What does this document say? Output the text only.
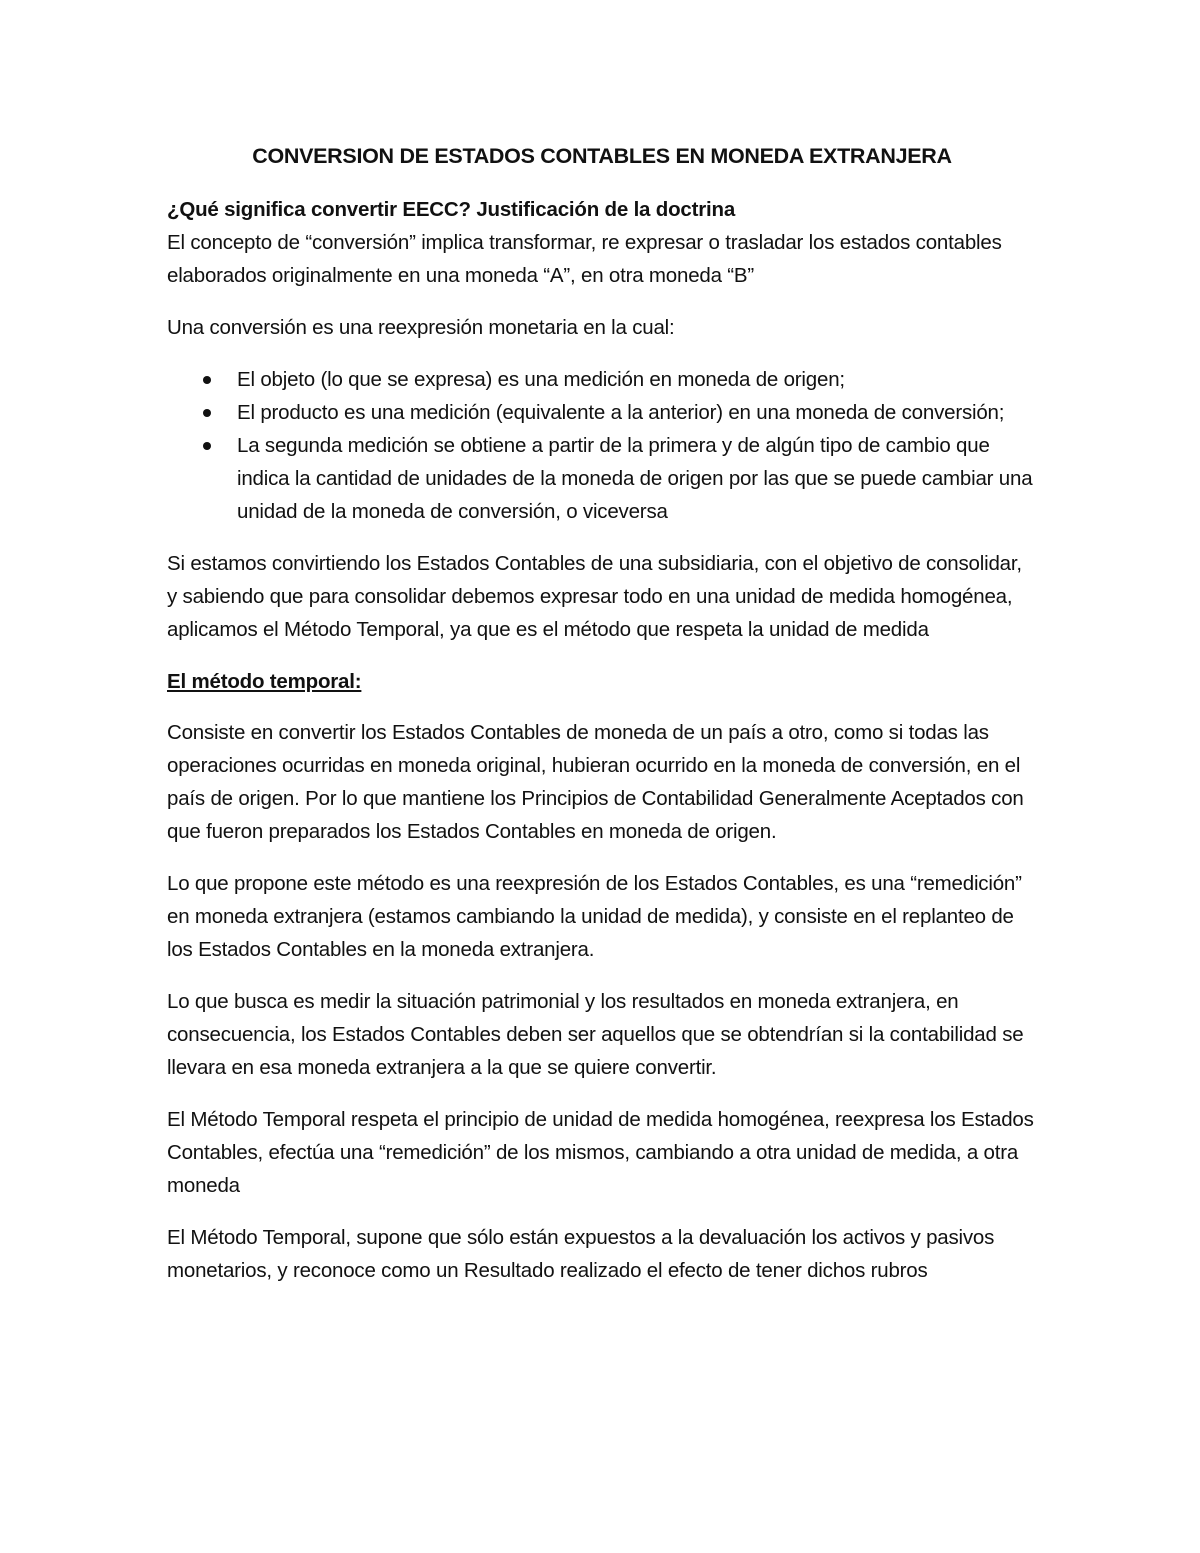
CONVERSION DE ESTADOS CONTABLES EN MONEDA EXTRANJERA

¿Qué significa convertir EECC? Justificación de la doctrina

El concepto de “conversión” implica transformar, re expresar o trasladar los estados contables elaborados originalmente en una moneda “A”, en otra moneda “B”

Una conversión es una reexpresión monetaria en la cual:

El objeto (lo que se expresa) es una medición en moneda de origen;
El producto es una medición (equivalente a la anterior) en una moneda de conversión;
La segunda medición se obtiene a partir de la primera y de algún tipo de cambio que indica la cantidad de unidades de la moneda de origen por las que se puede cambiar una unidad de la moneda de conversión, o viceversa

Si estamos convirtiendo los Estados Contables de una subsidiaria, con el objetivo de consolidar, y sabiendo que para consolidar debemos expresar todo en una unidad de medida homogénea, aplicamos el Método Temporal, ya que es el método que respeta la unidad de medida

El método temporal:

Consiste en convertir los Estados Contables de moneda de un país a otro, como si todas las operaciones ocurridas en moneda original, hubieran ocurrido en la moneda de conversión, en el país de origen. Por lo que mantiene los Principios de Contabilidad Generalmente Aceptados con que fueron preparados los Estados Contables en moneda de origen.

Lo que propone este método es una reexpresión de los Estados Contables, es una “remedición” en moneda extranjera (estamos cambiando la unidad de medida), y consiste en el replanteo de los Estados Contables en la moneda extranjera.

Lo que busca es medir la situación patrimonial y los resultados en moneda extranjera, en consecuencia, los Estados Contables deben ser aquellos que se obtendrían si la contabilidad se llevara en esa moneda extranjera a la que se quiere convertir.

El Método Temporal respeta el principio de unidad de medida homogénea, reexpresa los Estados Contables, efectúa una “remedición” de los mismos, cambiando a otra unidad de medida, a otra moneda

El Método Temporal, supone que sólo están expuestos a la devaluación los activos y pasivos monetarios, y reconoce como un Resultado realizado el efecto de tener dichos rubros
